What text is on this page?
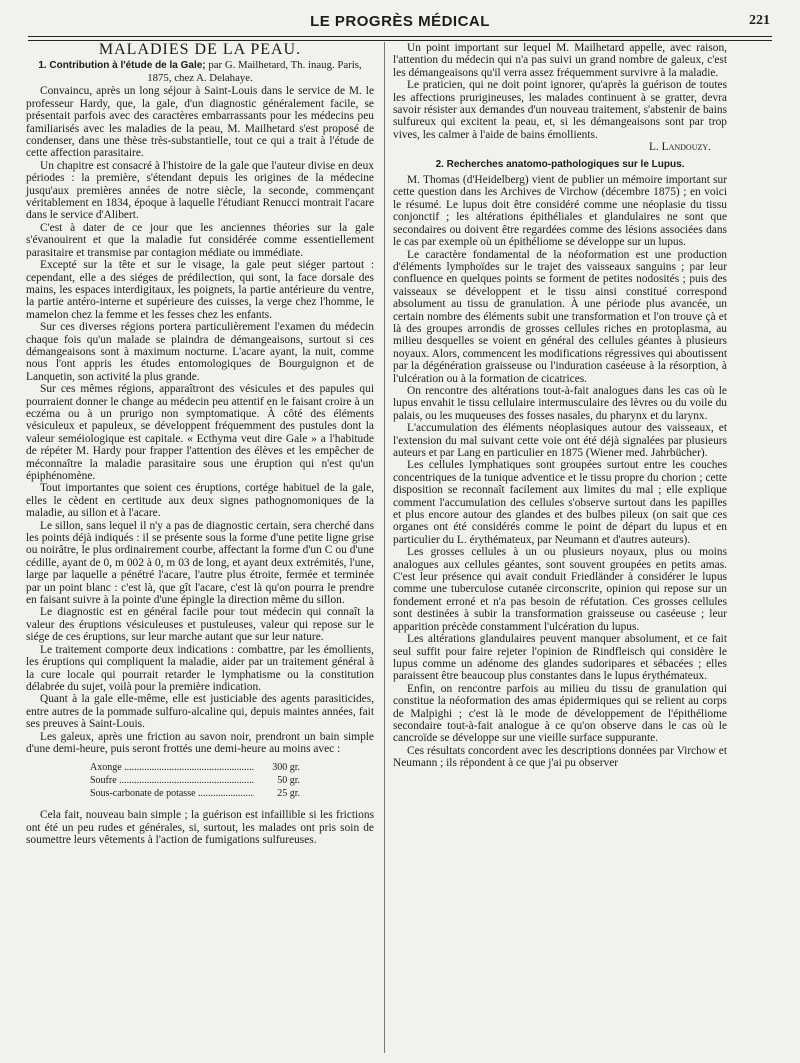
LE PROGRÈS MÉDICAL	221
MALADIES DE LA PEAU.
1. Contribution à l'étude de la Gale; par G. Mailhetard, Th. inaug. Paris, 1875, chez A. Delahaye.

Convaincu, après un long séjour à Saint-Louis dans le service de M. le professeur Hardy, que, la gale, d'un diagnostic généralement facile, se présentait parfois avec des caractères embarrassants pour les médecins peu familiarisés avec les maladies de la peau, M. Mailhetard s'est proposé de condenser, dans une thèse très-substantielle, tout ce qui a trait à l'étude de cette affection parasitaire.

Un chapitre est consacré à l'histoire de la gale que l'auteur divise en deux périodes : la première, s'étendant depuis les origines de la médecine jusqu'aux premières années de notre siècle, la seconde, commençant véritablement en 1834, époque à laquelle l'étudiant Renucci montrait l'acare dans le service d'Alibert.

C'est à dater de ce jour que les anciennes théories sur la gale s'évanouirent et que la maladie fut considérée comme essentiellement parasitaire et transmise par contagion médiate ou immédiate.

Excepté sur la tête et sur le visage, la gale peut siéger partout : cependant, elle a des siéges de prédilection, qui sont, la face dorsale des mains, les espaces interdigitaux, les poignets, la partie antérieure du ventre, la partie antéro-interne et supérieure des cuisses, la verge chez l'homme, le mamelon chez la femme et les fesses chez les enfants.

Sur ces diverses régions portera particulièrement l'examen du médecin chaque fois qu'un malade se plaindra de démangeaisons, surtout si ces démangeaisons sont à maximum nocturne. L'acare ayant, la nuit, comme nous l'ont appris les études entomologiques de Bourguignon et de Lanquetin, son activité la plus grande.

Sur ces mêmes régions, apparaîtront des vésicules et des papules qui pourraient donner le change au médecin peu attentif en le faisant croire à un eczéma ou à un prurigo non symptomatique. À côté des éléments vésiculeux et papuleux, se développent fréquemment des pustules dont la valeur seméiologique est capitale. « Ecthyma veut dire Gale » a l'habitude de répéter M. Hardy pour frapper l'attention des élèves et les empêcher de méconnaître la maladie parasitaire sous une éruption qui n'est qu'un épiphénomène.

Tout importantes que soient ces éruptions, cortége habituel de la gale, elles le cèdent en certitude aux deux signes pathognomoniques de la maladie, au sillon et à l'acare.

Le sillon, sans lequel il n'y a pas de diagnostic certain, sera cherché dans les points déjà indiqués : il se présente sous la forme d'une petite ligne grise ou noirâtre, le plus ordinairement courbe, affectant la forme d'un C ou d'une cédille, ayant de 0, m 002 à 0, m 03 de long, et ayant deux extrémités, l'une, large par laquelle a pénétré l'acare, l'autre plus étroite, fermée et terminée par un point blanc : c'est là, que gît l'acare, c'est là qu'on pourra le prendre en faisant suivre à la pointe d'une épingle la direction même du sillon.

Le diagnostic est en général facile pour tout médecin qui connaît la valeur des éruptions vésiculeuses et pustuleuses, valeur qui repose sur le siége de ces éruptions, sur leur marche autant que sur leur nature.

Le traitement comporte deux indications : combattre, par les émollients, les éruptions qui compliquent la maladie, aider par un traitement général à la cure locale qui pourrait retarder le lymphatisme ou la constitution délabrée du sujet, voilà pour la première indication.

Quant à la gale elle-même, elle est justiciable des agents parasiticides, entre autres de la pommade sulfuro-alcaline qui, depuis maintes années, fait ses preuves à Saint-Louis.

Les galeux, après une friction au savon noir, prendront un bain simple d'une demi-heure, puis seront frottés une demi-heure au moins avec :

Axonge .....	300 gr.
Soufre .....	50 gr.
Sous-carbonate de potasse .....	25 gr.

Cela fait, nouveau bain simple ; la guérison est infaillible si les frictions ont été un peu rudes et générales, si, surtout, les malades ont pris soin de soumettre leurs vêtements à l'action de fumigations sulfureuses.

Un point important sur lequel M. Mailhetard appelle, avec raison, l'attention du médecin qui n'a pas suivi un grand nombre de galeux, c'est les démangeaisons qu'il verra assez fréquemment survivre à la maladie.

Le praticien, qui ne doit point ignorer, qu'après la guérison de toutes les affections prurigineuses, les malades continuent à se gratter, devra savoir résister aux demandes d'un nouveau traitement, s'abstenir de bains sulfureux qui excitent la peau, et, si les démangeaisons sont par trop vives, les calmer à l'aide de bains émollients.

L. Landouzy.
2. Recherches anatomo-pathologiques sur le Lupus.

M. Thomas (d'Heidelberg) vient de publier un mémoire important sur cette question dans les Archives de Virchow (décembre 1875) ; en voici le résumé. Le lupus doit être considéré comme une néoplasie du tissu conjonctif ; les altérations épithéliales et glandulaires ne sont que secondaires ou doivent être regardées comme des lésions associées dans le cas par exemple où un épithéliome se développe sur un lupus.

Le caractère fondamental de la néoformation est une production d'éléments lymphoïdes sur le trajet des vaisseaux sanguins ; par leur confluence en quelques points se forment de petites nodosités ; puis des vaisseaux se développent et le tissu ainsi constitué correspond absolument au tissu de granulation. À une période plus avancée, un certain nombre des éléments subit une transformation et l'on trouve çà et là des groupes arrondis de grosses cellules riches en protoplasma, au milieu desquelles se voient en général des cellules géantes à plusieurs noyaux. Alors, commencent les modifications régressives qui aboutissent par la dégénération graisseuse ou l'induration caséeuse à la résorption, à l'ulcération ou à la formation de cicatrices.

On rencontre des altérations tout-à-fait analogues dans les cas où le lupus envahit le tissu cellulaire intermusculaire des lèvres ou du voile du palais, ou les muqueuses des fosses nasales, du pharynx et du larynx.

L'accumulation des éléments néoplasiques autour des vaisseaux, et l'extension du mal suivant cette voie ont été déjà signalées par plusieurs auteurs et par Lang en particulier en 1875 (Wiener med. Jahrbücher).

Les cellules lymphatiques sont groupées surtout entre les couches concentriques de la tunique adventice et le tissu propre du chorion ; cette disposition se reconnaît facilement aux limites du mal ; elle explique comment l'accumulation des cellules s'observe surtout dans les papilles et plus encore autour des glandes et des bulbes pileux (on sait que ces organes ont été considérés comme le point de départ du lupus et en particulier du L. érythémateux, par Neumann et d'autres auteurs).

Les grosses cellules à un ou plusieurs noyaux, plus ou moins analogues aux cellules géantes, sont souvent groupées en petits amas. C'est leur présence qui avait conduit Friedländer à considérer le lupus comme une tuberculose cutanée circonscrite, opinion qui repose sur un fondement erroné et n'a pas besoin de réfutation. Ces grosses cellules sont destinées à subir la transformation graisseuse ou caséeuse ; leur apparition précède constamment l'ulcération du lupus.

Les altérations glandulaires peuvent manquer absolument, et ce fait seul suffit pour faire rejeter l'opinion de Rindfleisch qui considère le lupus comme un adénome des glandes sudoripares et sébacées ; elles paraissent être beaucoup plus constantes dans le lupus érythémateux.

Enfin, on rencontre parfois au milieu du tissu de granulation qui constitue la néoformation des amas épidermiques qui se relient au corps de Malpighi ; c'est là le mode de développement de l'épithéliome secondaire tout-à-fait analogue à ce qu'on observe dans le cas où le cancroïde se développe sur une vieille surface suppurante.

Ces résultats concordent avec les descriptions données par Virchow et Neumann ; ils répondent à ce que j'ai pu observer
